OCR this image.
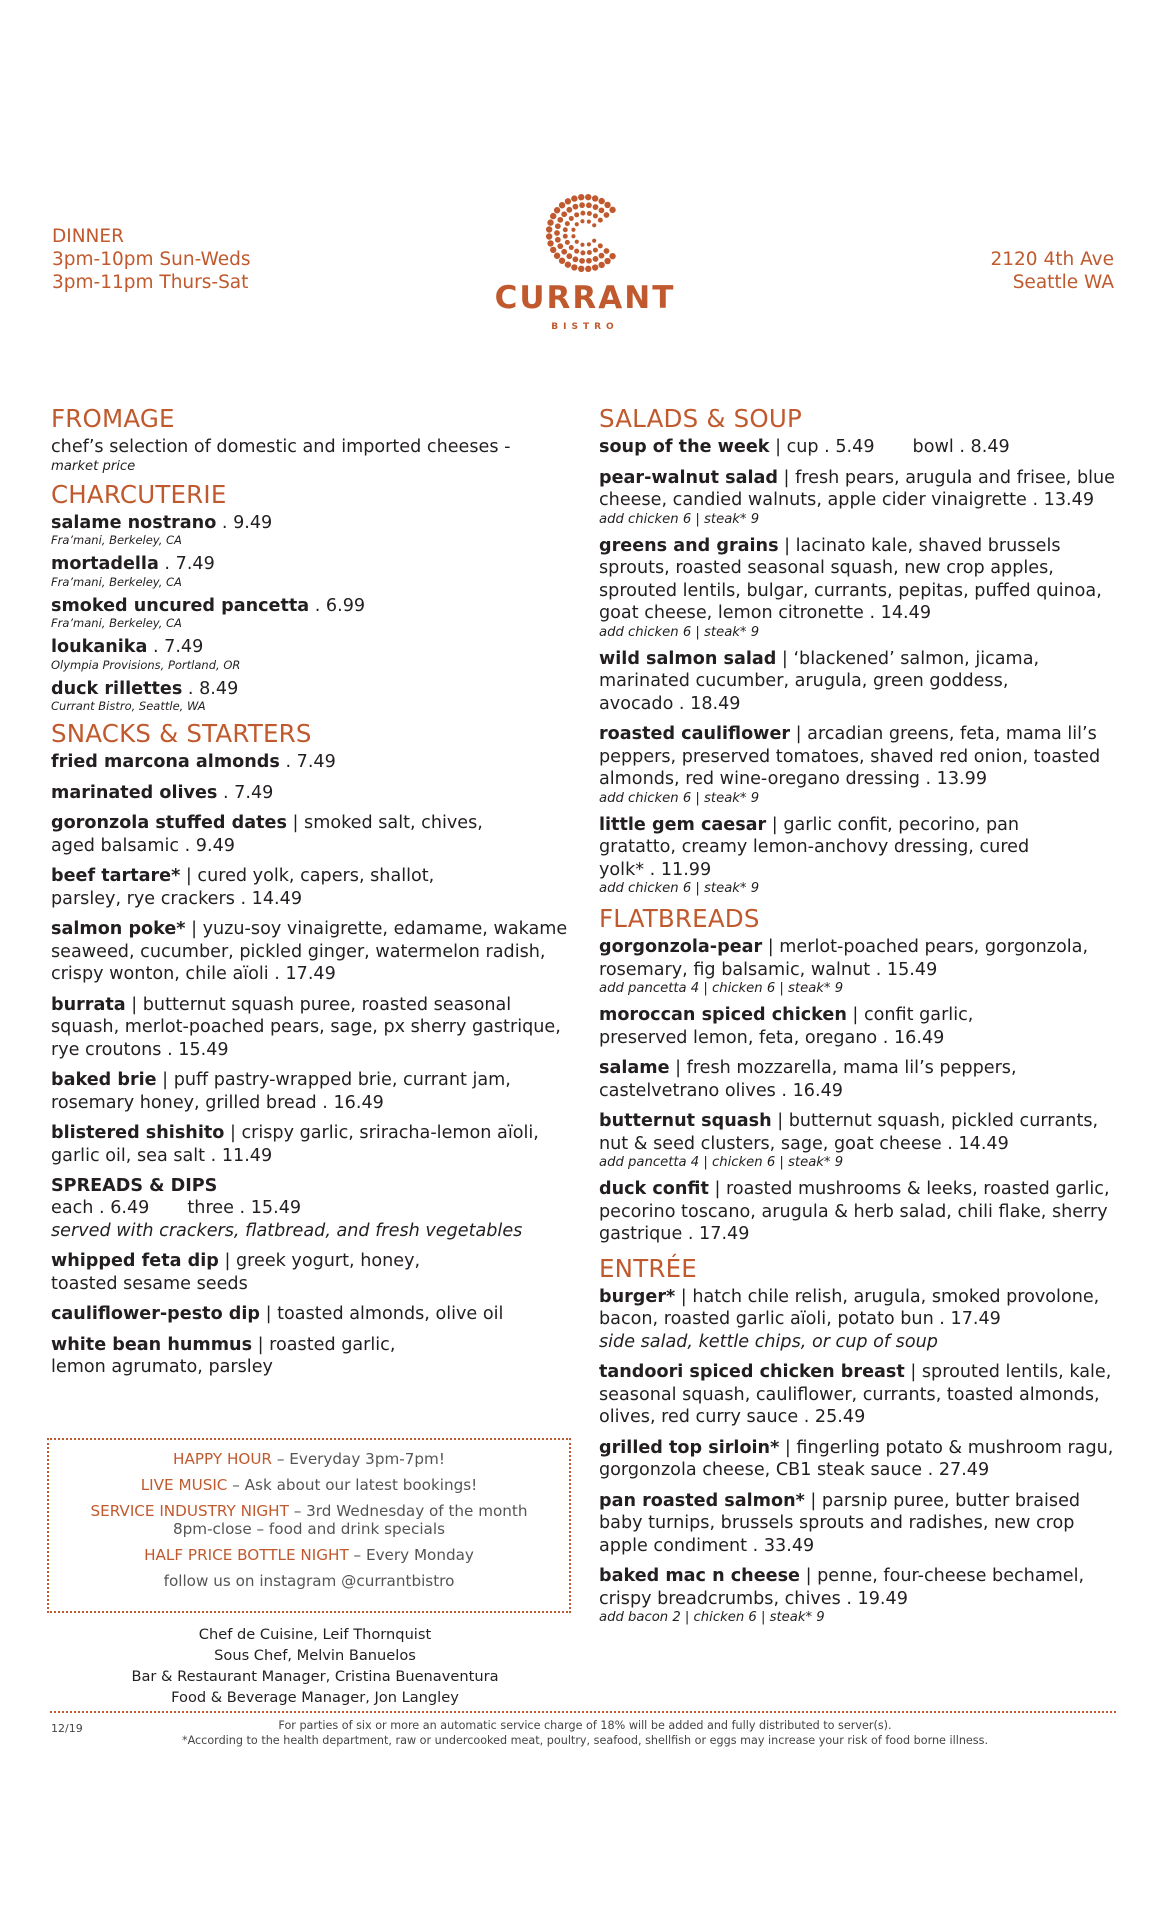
DINNER
3pm-10pm Sun-Weds
3pm-11pm Thurs-Sat	CURRANT
BISTRO
2120 4th Ave
Seattle WA
FROMAGE
chef’s selection of domestic and imported cheeses -
market price
CHARCUTERIE
salame nostrano . 9.49
Fra’mani, Berkeley, CA
mortadella . 7.49
Fra’mani, Berkeley, CA
smoked uncured pancetta . 6.99
Fra’mani, Berkeley, CA
loukanika . 7.49
Olympia Provisions, Portland, OR
duck rillettes . 8.49
Currant Bistro, Seattle, WA
SNACKS & STARTERS
fried marcona almonds . 7.49
marinated olives . 7.49
goronzola stuffed dates | smoked salt, chives, aged balsamic . 9.49
beef tartare* | cured yolk, capers, shallot, parsley, rye crackers . 14.49
salmon poke* | yuzu-soy vinaigrette, edamame, wakame seaweed, cucumber, pickled ginger, watermelon radish, crispy wonton, chile aïoli . 17.49
burrata | butternut squash puree, roasted seasonal squash, merlot-poached pears, sage, px sherry gastrique, rye croutons . 15.49
baked brie | puff pastry-wrapped brie, currant jam, rosemary honey, grilled bread . 16.49
blistered shishito | crispy garlic, sriracha-lemon aïoli, garlic oil, sea salt . 11.49
SPREADS & DIPS
each . 6.49 three . 15.49
served with crackers, flatbread, and fresh vegetables
whipped feta dip | greek yogurt, honey, toasted sesame seeds
cauliflower-pesto dip | toasted almonds, olive oil
white bean hummus | roasted garlic, lemon agrumato, parsley
HAPPY HOUR – Everyday 3pm-7pm!
LIVE MUSIC – Ask about our latest bookings!
SERVICE INDUSTRY NIGHT – 3rd Wednesday of the month
8pm-close – food and drink specials
HALF PRICE BOTTLE NIGHT – Every Monday
follow us on instagram @currantbistro
Chef de Cuisine, Leif Thornquist
Sous Chef, Melvin Banuelos
Bar & Restaurant Manager, Cristina Buenaventura
Food & Beverage Manager, Jon Langley
SALADS & SOUP
soup of the week | cup . 5.49 bowl . 8.49
pear-walnut salad | fresh pears, arugula and frisee, blue cheese, candied walnuts, apple cider vinaigrette . 13.49
add chicken 6 | steak* 9
greens and grains | lacinato kale, shaved brussels sprouts, roasted seasonal squash, new crop apples, sprouted lentils, bulgar, currants, pepitas, puffed quinoa, goat cheese, lemon citronette . 14.49
add chicken 6 | steak* 9
wild salmon salad | ‘blackened’ salmon, jicama, marinated cucumber, arugula, green goddess, avocado . 18.49
roasted cauliflower | arcadian greens, feta, mama lil’s peppers, preserved tomatoes, shaved red onion, toasted almonds, red wine-oregano dressing . 13.99
add chicken 6 | steak* 9
little gem caesar | garlic confit, pecorino, pan gratatto, creamy lemon-anchovy dressing, cured yolk* . 11.99
add chicken 6 | steak* 9
FLATBREADS
gorgonzola-pear | merlot-poached pears, gorgonzola, rosemary, fig balsamic, walnut . 15.49
add pancetta 4 | chicken 6 | steak* 9
moroccan spiced chicken | confit garlic, preserved lemon, feta, oregano . 16.49
salame | fresh mozzarella, mama lil’s peppers, castelvetrano olives . 16.49
butternut squash | butternut squash, pickled currants, nut & seed clusters, sage, goat cheese . 14.49
add pancetta 4 | chicken 6 | steak* 9
duck confit | roasted mushrooms & leeks, roasted garlic, pecorino toscano, arugula & herb salad, chili flake, sherry gastrique . 17.49
ENTRÉE
burger* | hatch chile relish, arugula, smoked provolone, bacon, roasted garlic aïoli, potato bun . 17.49
side salad, kettle chips, or cup of soup
tandoori spiced chicken breast | sprouted lentils, kale, seasonal squash, cauliflower, currants, toasted almonds, olives, red curry sauce . 25.49
grilled top sirloin* | fingerling potato & mushroom ragu, gorgonzola cheese, CB1 steak sauce . 27.49
pan roasted salmon* | parsnip puree, butter braised baby turnips, brussels sprouts and radishes, new crop apple condiment . 33.49
baked mac n cheese | penne, four-cheese bechamel, crispy breadcrumbs, chives . 19.49
add bacon 2 | chicken 6 | steak* 9
12/19	For parties of six or more an automatic service charge of 18% will be added and fully distributed to server(s).
*According to the health department, raw or undercooked meat, poultry, seafood, shellfish or eggs may increase your risk of food borne illness.
